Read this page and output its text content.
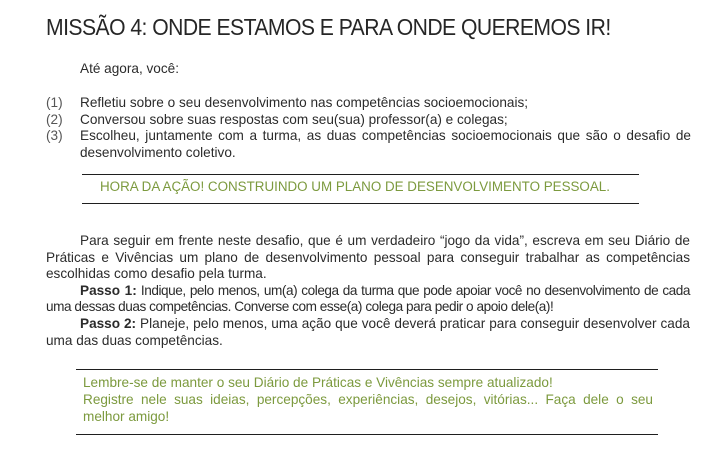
MISSÃO 4: ONDE ESTAMOS E PARA ONDE QUEREMOS IR!
Até agora, você:
(1)	Refletiu sobre o seu desenvolvimento nas competências socioemocionais;
(2)	Conversou sobre suas respostas com seu(sua) professor(a) e colegas;
(3)	Escolheu, juntamente com a turma, as duas competências socioemocionais que são o desafio de desenvolvimento coletivo.
HORA DA AÇÃO! CONSTRUINDO UM PLANO DE DESENVOLVIMENTO PESSOAL.

Para seguir em frente neste desafio, que é um verdadeiro “jogo da vida”, escreva em seu Diário de Práticas e Vivências um plano de desenvolvimento pessoal para conseguir trabalhar as competências escolhidas como desafio pela turma.

Passo 1: Indique, pelo menos, um(a) colega da turma que pode apoiar você no desenvolvimento de cada uma dessas duas competências. Converse com esse(a) colega para pedir o apoio dele(a)!

Passo 2: Planeje, pelo menos, uma ação que você deverá praticar para conseguir desenvolver cada uma das duas competências.

Lembre-se de manter o seu Diário de Práticas e Vivências sempre atualizado!

Registre nele suas ideias, percepções, experiências, desejos, vitórias... Faça dele o seu melhor amigo!
